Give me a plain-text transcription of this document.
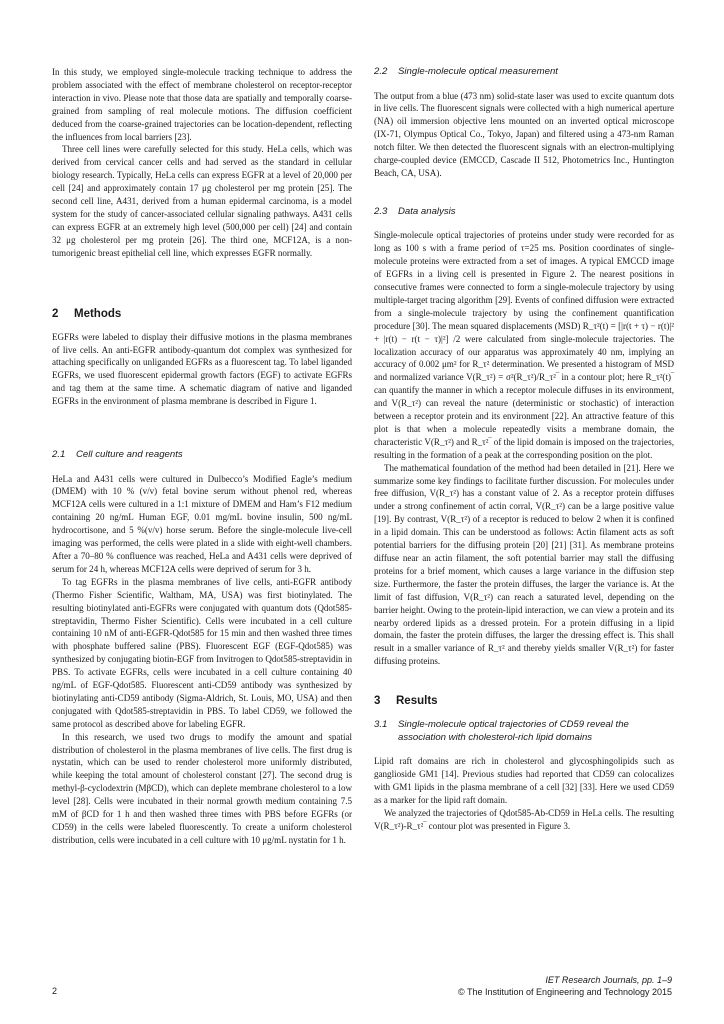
In this study, we employed single-molecule tracking technique to address the problem associated with the effect of membrane cholesterol on receptor-receptor interaction in vivo. Please note that those data are spatially and temporally coarse-grained from sampling of real molecule motions. The diffusion coefficient deduced from the coarse-grained trajectories can be location-dependent, reflecting the influences from local barriers [23].

Three cell lines were carefully selected for this study. HeLa cells, which was derived from cervical cancer cells and had served as the standard in cellular biology research. Typically, HeLa cells can express EGFR at a level of 20,000 per cell [24] and approximately contain 17 μg cholesterol per mg protein [25]. The second cell line, A431, derived from a human epidermal carcinoma, is a model system for the study of cancer-associated cellular signaling pathways. A431 cells can express EGFR at an extremely high level (500,000 per cell) [24] and contain 32 μg cholesterol per mg protein [26]. The third one, MCF12A, is a non-tumorigenic breast epithelial cell line, which expresses EGFR normally.

2 Methods

EGFRs were labeled to display their diffusive motions in the plasma membranes of live cells. An anti-EGFR antibody-quantum dot complex was synthesized for attaching specifically on unliganded EGFRs as a fluorescent tag. To label liganded EGFRs, we used fluorescent epidermal growth factors (EGF) to activate EGFRs and tag them at the same time. A schematic diagram of native and liganded EGFRs in the environment of plasma membrane is described in Figure 1.

2.1 Cell culture and reagents

HeLa and A431 cells were cultured in Dulbecco’s Modified Eagle’s medium (DMEM) with 10 % (v/v) fetal bovine serum without phenol red, whereas MCF12A cells were cultured in a 1:1 mixture of DMEM and Ham’s F12 medium containing 20 ng/mL Human EGF, 0.01 mg/mL bovine insulin, 500 ng/mL hydrocortisone, and 5 %(v/v) horse serum. Before the single-molecule live-cell imaging was performed, the cells were plated in a slide with eight-well chambers. After a 70–80 % confluence was reached, HeLa and A431 cells were deprived of serum for 24 h, whereas MCF12A cells were deprived of serum for 3 h.

To tag EGFRs in the plasma membranes of live cells, anti-EGFR antibody (Thermo Fisher Scientific, Waltham, MA, USA) was first biotinylated. The resulting biotinylated anti-EGFRs were conjugated with quantum dots (Qdot585-streptavidin, Thermo Fisher Scientific). Cells were incubated in a cell culture containing 10 nM of anti-EGFR-Qdot585 for 15 min and then washed three times with phosphate buffered saline (PBS). Fluorescent EGF (EGF-Qdot585) was synthesized by conjugating biotin-EGF from Invitrogen to Qdot585-streptavidin in PBS. To activate EGFRs, cells were incubated in a cell culture containing 40 ng/mL of EGF-Qdot585. Fluorescent anti-CD59 antibody was synthesized by biotinylating anti-CD59 antibody (Sigma-Aldrich, St. Louis, MO, USA) and then conjugated with Qdot585-streptavidin in PBS. To label CD59, we followed the same protocol as described above for labeling EGFR.

In this research, we used two drugs to modify the amount and spatial distribution of cholesterol in the plasma membranes of live cells. The first drug is nystatin, which can be used to render cholesterol more uniformly distributed, while keeping the total amount of cholesterol constant [27]. The second drug is methyl-β-cyclodextrin (MβCD), which can deplete membrane cholesterol to a low level [28]. Cells were incubated in their normal growth medium containing 7.5 mM of βCD for 1 h and then washed three times with PBS before EGFRs (or CD59) in the cells were labeled fluorescently. To create a uniform cholesterol distribution, cells were incubated in a cell culture with 10 μg/mL nystatin for 1 h.

2.2 Single-molecule optical measurement

The output from a blue (473 nm) solid-state laser was used to excite quantum dots in live cells. The fluorescent signals were collected with a high numerical aperture (NA) oil immersion objective lens mounted on an inverted optical microscope (IX-71, Olympus Optical Co., Tokyo, Japan) and filtered using a 473-nm Raman notch filter. We then detected the fluorescent signals with an electron-multiplying charge-coupled device (EMCCD, Cascade II 512, Photometrics Inc., Huntington Beach, CA, USA).

2.3 Data analysis

Single-molecule optical trajectories of proteins under study were recorded for as long as 100 s with a frame period of τ=25 ms. Position coordinates of single-molecule proteins were extracted from a set of images. A typical EMCCD image of EGFRs in a living cell is presented in Figure 2. The nearest positions in consecutive frames were connected to form a single-molecule trajectory by using multiple-target tracing algorithm [29]. Events of confined diffusion were extracted from a single-molecule trajectory by using the confinement quantification procedure [30]. The mean squared displacements (MSD) R_τ²(t) = [|r(t + τ) − r(t)|² + |r(t) − r(t − τ)|²] /2 were calculated from single-molecule trajectories. The localization accuracy of our apparatus was approximately 40 nm, implying an accuracy of 0.002 μm² for R_τ² determination. We presented a histogram of MSD and normalized variance V(R_τ²) = σ²(R_τ²)/R_τ²‾ in a contour plot; here R_τ²(t)‾ can quantify the manner in which a receptor molecule diffuses in its environment, and V(R_τ²) can reveal the nature (deterministic or stochastic) of interaction between a receptor protein and its environment [22]. An attractive feature of this plot is that when a molecule repeatedly visits a membrane domain, the characteristic V(R_τ²) and R_τ²‾ of the lipid domain is imposed on the trajectories, resulting in the formation of a peak at the corresponding position on the plot.

The mathematical foundation of the method had been detailed in [21]. Here we summarize some key findings to facilitate further discussion. For molecules under free diffusion, V(R_τ²) has a constant value of 2. As a receptor protein diffuses under a strong confinement of actin corral, V(R_τ²) can be a large positive value [19]. By contrast, V(R_τ²) of a receptor is reduced to below 2 when it is confined in a lipid domain. This can be understood as follows: Actin filament acts as soft potential barriers for the diffusing protein [20] [21] [31]. As membrane proteins diffuse near an actin filament, the soft potential barrier may stall the diffusing proteins for a brief moment, which causes a large variance in the diffusion step size. Furthermore, the faster the protein diffuses, the larger the variance is. At the limit of fast diffusion, V(R_τ²) can reach a saturated level, depending on the barrier height. Owing to the protein-lipid interaction, we can view a protein and its nearby ordered lipids as a dressed protein. For a protein diffusing in a lipid domain, the faster the protein diffuses, the larger the dressing effect is. This shall result in a smaller variance of R_τ² and thereby yields smaller V(R_τ²) for faster diffusing proteins.

3 Results
3.1	Single-molecule optical trajectories of CD59 reveal the association with cholesterol-rich lipid domains

Lipid raft domains are rich in cholesterol and glycosphingolipids such as ganglioside GM1 [14]. Previous studies had reported that CD59 can colocalizes with GM1 lipids in the plasma membrane of a cell [32] [33]. Here we used CD59 as a marker for the lipid raft domain.

We analyzed the trajectories of Qdot585-Ab-CD59 in HeLa cells. The resulting V(R_τ²)-R_τ²‾ contour plot was presented in Figure 3.

2
IET Research Journals, pp. 1–9
© The Institution of Engineering and Technology 2015
